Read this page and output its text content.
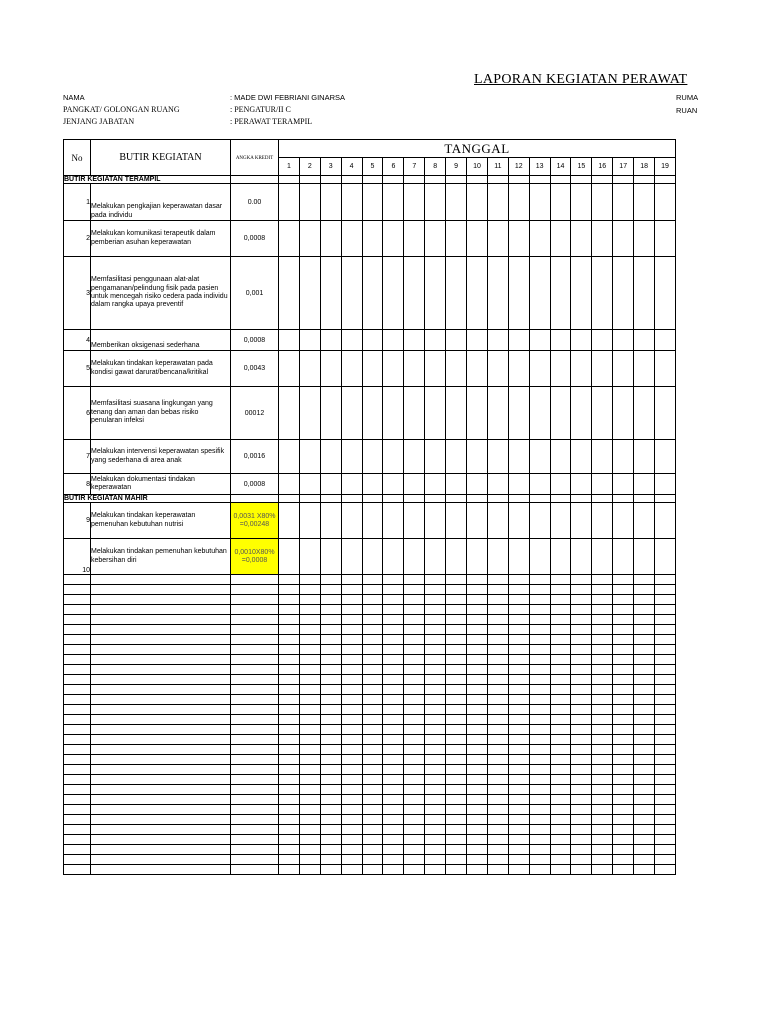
LAPORAN KEGIATAN PERAWAT
NAMA	: MADE DWI FEBRIANI GINARSA
PANGKAT/ GOLONGAN RUANG	: PENGATUR/II C
JENJANG JABATAN	: PERAWAT TERAMPIL
RUMA
RUAN
No	BUTIR KEGIATAN	ANGKA KREDIT	TANGGAL																		
			1	2	3	4	5	6	7	8	9	10	11	12	13	14	15	16	17	18	19
BUTIR KEGIATAN TERAMPIL																					
1	Melakukan pengkajian keperawatan dasar pada individu	0.00																			
2	Melakukan komunikasi terapeutik dalam pemberian asuhan keperawatan	0,0008																			
3	Memfasilitasi penggunaan alat-alat pengamanan/pelindung fisik pada pasien untuk mencegah risiko cedera pada individu dalam rangka upaya preventif	0,001																			
4	Memberikan oksigenasi sederhana	0,0008																			
5	Melakukan tindakan keperawatan pada kondisi gawat darurat/bencana/kritikal	0,0043																			
6	Memfasilitasi suasana lingkungan yang tenang dan aman dan bebas risiko penularan infeksi	00012																			
7	Melakukan intervensi keperawatan spesifik yang sederhana di area anak	0,0016																			
8	Melakukan dokumentasi tindakan keperawatan	0,0008																			
BUTIR KEGIATAN MAHIR																					
9	Melakukan tindakan keperawatan pemenuhan kebutuhan nutrisi	0,0031 X80% =0,00248																			
10	Melakukan tindakan pemenuhan kebutuhan kebersihan diri	0,0010X80% =0,0008																			
